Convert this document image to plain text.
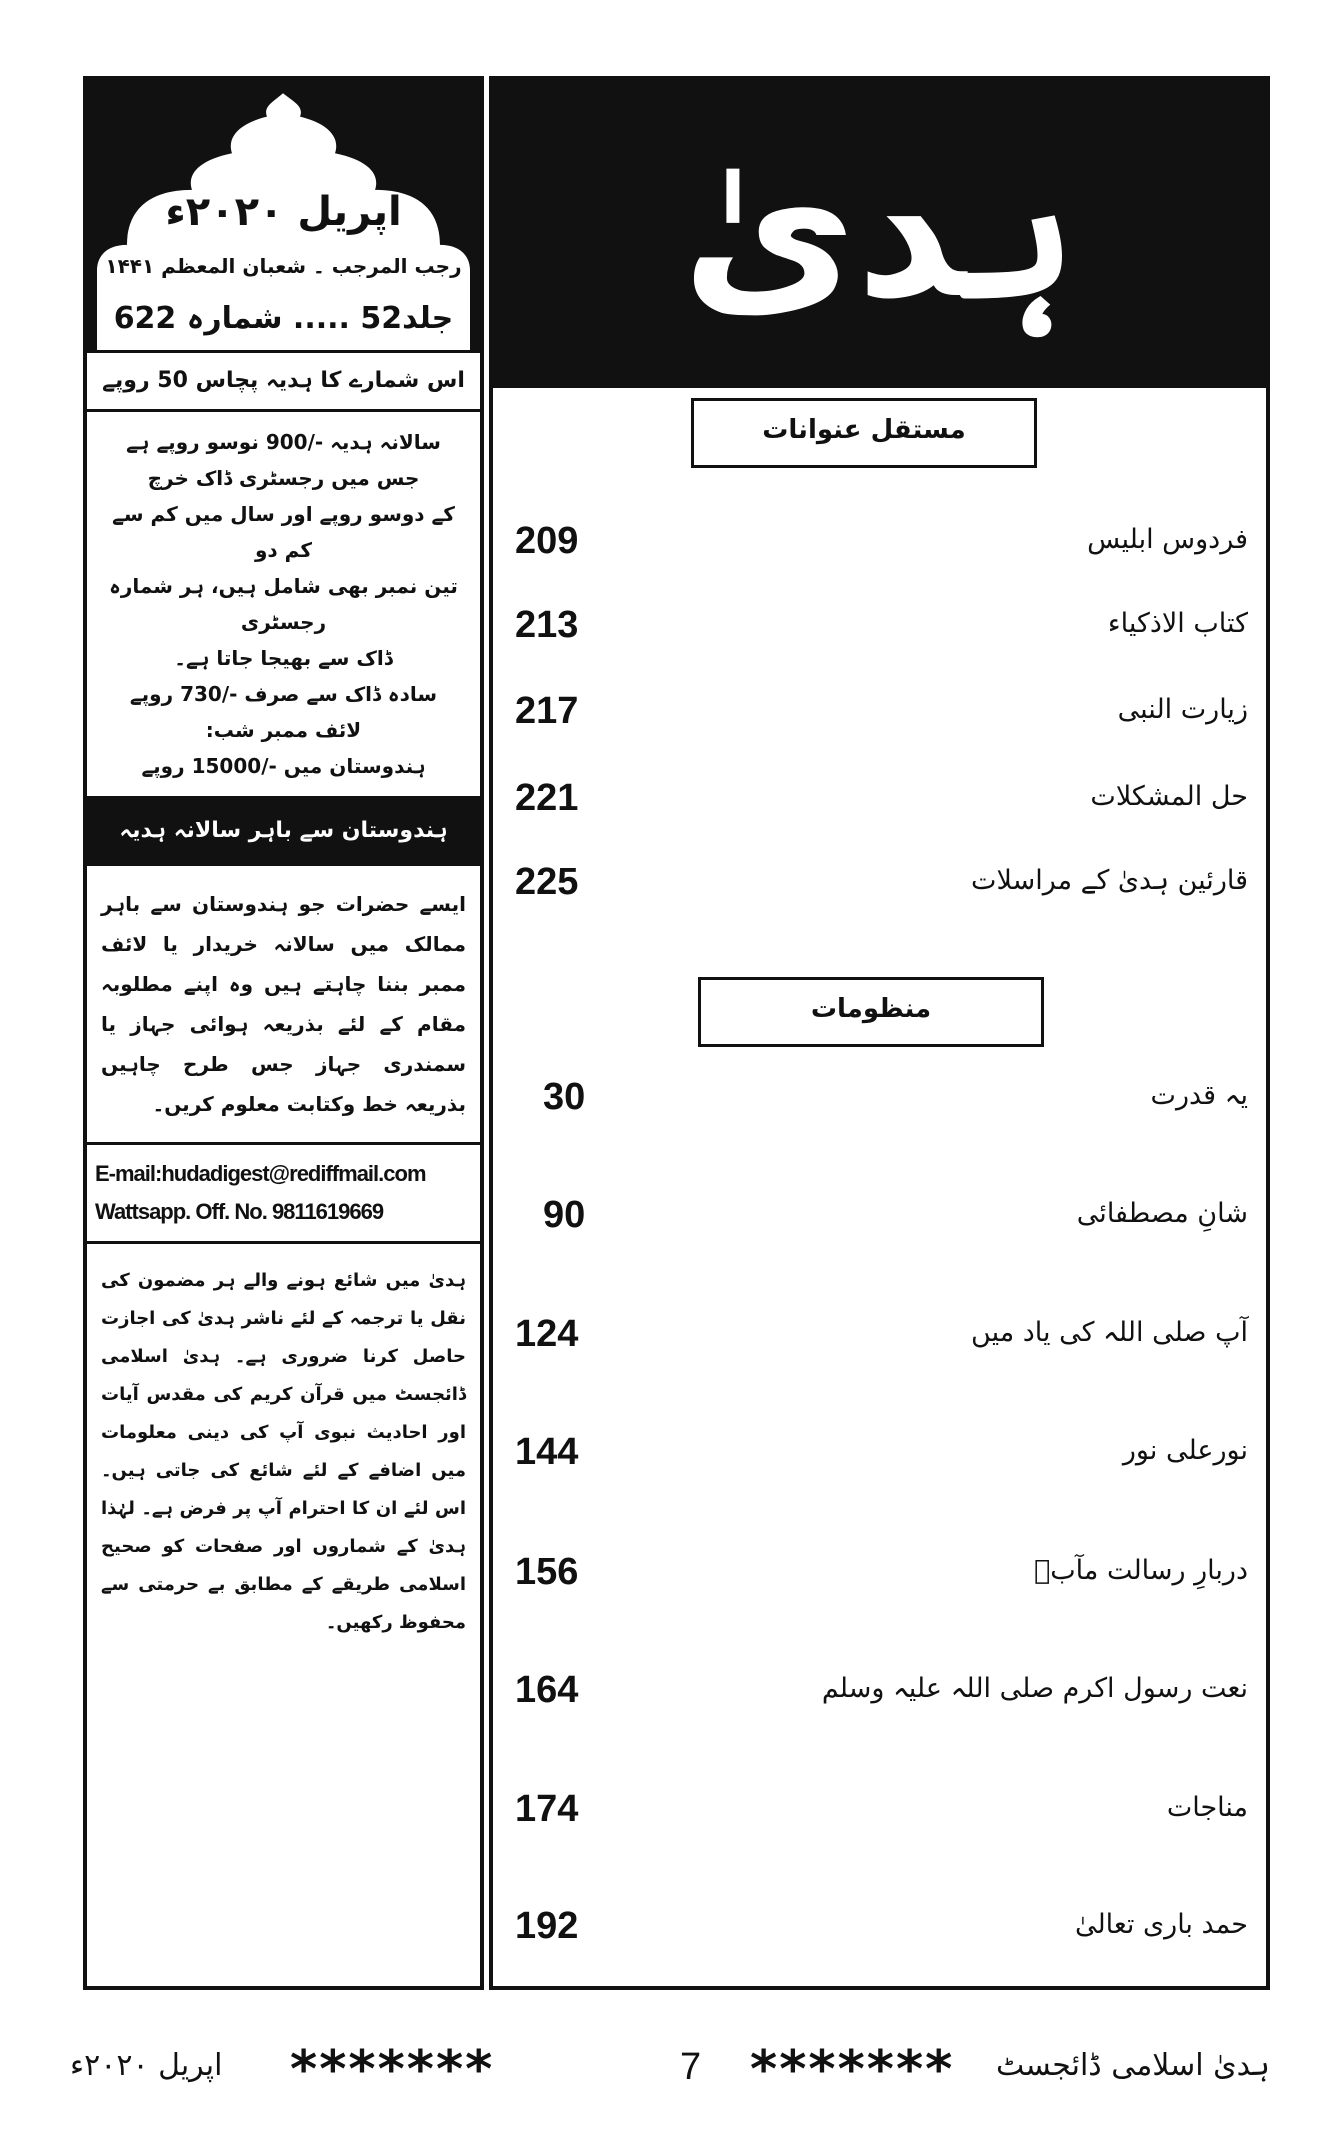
اپریل ۲۰۲۰ء
رجب المرجب ۔ شعبان المعظم ۱۴۴۱
جلد52 ..... شمارہ 622
اس شمارے کا ہدیہ پچاس 50 روپے
سالانہ ہدیہ -/900 نوسو روپے ہے
جس میں رجسٹری ڈاک خرچ
کے دوسو روپے اور سال میں کم سے کم دو
تین نمبر بھی شامل ہیں، ہر شمارہ رجسٹری
ڈاک سے بھیجا جاتا ہے۔
سادہ ڈاک سے صرف -/730 روپے
لائف ممبر شب:
ہندوستان میں -/15000 روپے
ہندوستان سے باہر سالانہ ہدیہ
ایسے حضرات جو ہندوستان سے باہر ممالک میں سالانہ خریدار یا لائف ممبر بننا چاہتے ہیں وہ اپنے مطلوبہ مقام کے لئے بذریعہ ہوائی جہاز یا سمندری جہاز جس طرح چاہیں بذریعہ خط وکتابت معلوم کریں۔
E-mail:hudadigest@rediffmail.com
Wattsapp. Off. No. 9811619669
ہدیٰ میں شائع ہونے والے ہر مضمون کی نقل یا ترجمہ کے لئے ناشر ہدیٰ کی اجازت حاصل کرنا ضروری ہے۔ ہدیٰ اسلامی ڈائجسٹ میں قرآن کریم کی مقدس آیات اور احادیث نبوی آپ کی دینی معلومات میں اضافے کے لئے شائع کی جاتی ہیں۔ اس لئے ان کا احترام آپ پر فرض ہے۔ لہٰذا ہدیٰ کے شماروں اور صفحات کو صحیح اسلامی طریقے کے مطابق بے حرمتی سے محفوظ رکھیں۔
ہدیٰ
مستقل عنوانات
209	فردوس ابلیس
213	کتاب الاذکیاء
217	زیارت النبی
221	حل المشکلات
225	قارئین ہدیٰ کے مراسلات
منظومات
30	یہ قدرت
90	شانِ مصطفائی
124	آپ صلی اللہ کی یاد میں
144	نورعلی نور
156	دربارِ رسالت مآبؐ
164	نعت رسول اکرم صلی اللہ علیہ وسلم
174	مناجات
192	حمد باری تعالیٰ
ہدیٰ اسلامی ڈائجسٹ
*******
7
*******
اپریل ۲۰۲۰ء
